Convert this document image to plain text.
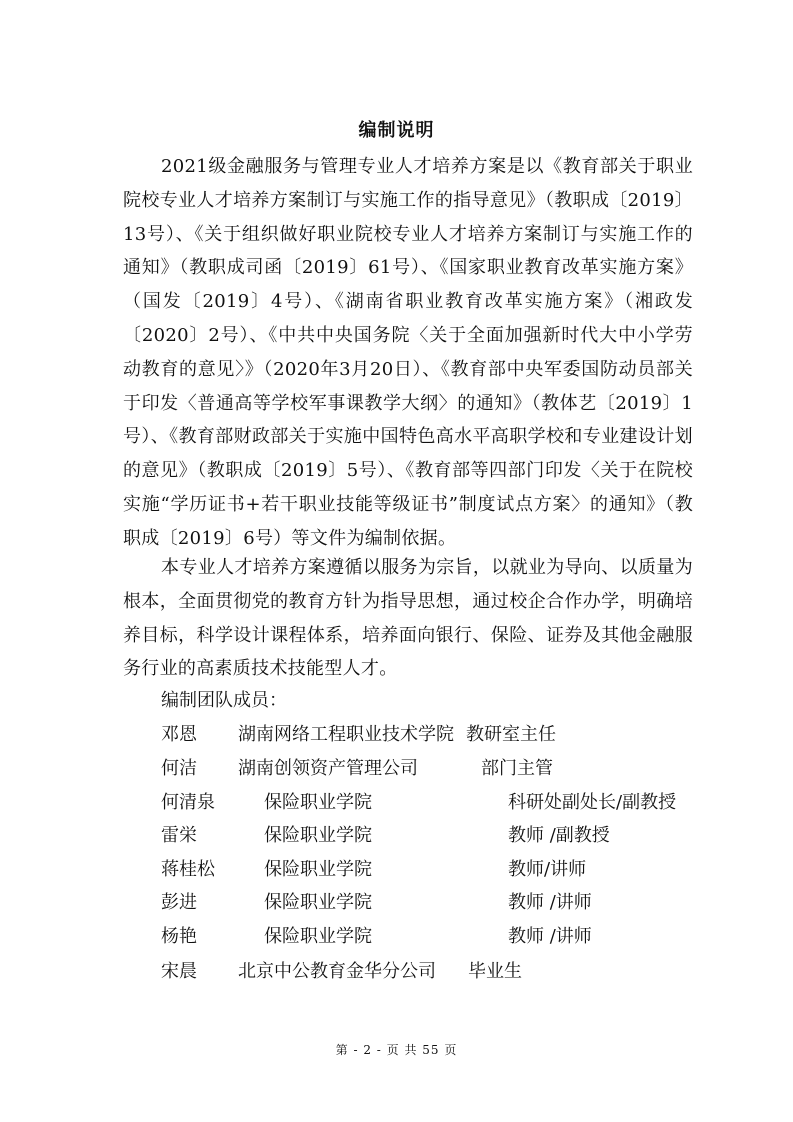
编制说明

2021级金融服务与管理专业人才培养方案是以《教育部关于职业院校专业人才培养方案制订与实施工作的指导意见》（教职成〔2019〕13号）、《关于组织做好职业院校专业人才培养方案制订与实施工作的通知》（教职成司函〔2019〕61号）、《国家职业教育改革实施方案》（国发〔2019〕4号）、《湖南省职业教育改革实施方案》（湘政发〔2020〕2号）、《中共中央国务院〈关于全面加强新时代大中小学劳动教育的意见〉》（2020年3月20日）、《教育部中央军委国防动员部关于印发〈普通高等学校军事课教学大纲〉的通知》（教体艺〔2019〕1号）、《教育部财政部关于实施中国特色高水平高职学校和专业建设计划的意见》（教职成〔2019〕5号）、《教育部等四部门印发〈关于在院校实施“学历证书+若干职业技能等级证书”制度试点方案〉的通知》（教职成〔2019〕6号）等文件为编制依据。

本专业人才培养方案遵循以服务为宗旨，以就业为导向、以质量为根本，全面贯彻党的教育方针为指导思想，通过校企合作办学，明确培养目标，科学设计课程体系，培养面向银行、保险、证券及其他金融服务行业的高素质技术技能型人才。

编制团队成员：
邓恩 湖南网络工程职业技术学院 教研室主任
何洁 湖南创领资产管理公司	部门主管
何清泉	保险职业学院	科研处副处长/副教授
雷栄	保险职业学院	教师 /副教授
蒋桂松	保险职业学院	教师/讲师
彭进	保险职业学院	教师 /讲师
杨艳	保险职业学院	教师 /讲师
宋晨 北京中公教育金华分公司 毕业生
第 - 2 - 页 共 55 页
